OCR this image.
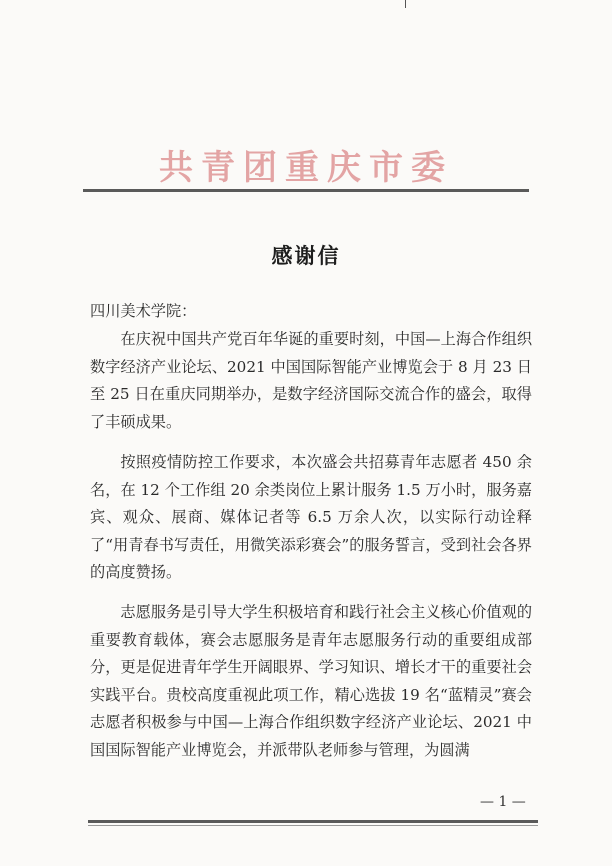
共青团重庆市委
感谢信
四川美术学院：
在庆祝中国共产党百年华诞的重要时刻，中国—上海合作组织数字经济产业论坛、2021 中国国际智能产业博览会于 8 月 23 日至 25 日在重庆同期举办，是数字经济国际交流合作的盛会，取得了丰硕成果。
按照疫情防控工作要求，本次盛会共招募青年志愿者 450 余名，在 12 个工作组 20 余类岗位上累计服务 1.5 万小时，服务嘉宾、观众、展商、媒体记者等 6.5 万余人次，以实际行动诠释了“用青春书写责任，用微笑添彩赛会”的服务誓言，受到社会各界的高度赞扬。
志愿服务是引导大学生积极培育和践行社会主义核心价值观的重要教育载体，赛会志愿服务是青年志愿服务行动的重要组成部分，更是促进青年学生开阔眼界、学习知识、增长才干的重要社会实践平台。贵校高度重视此项工作，精心选拔 19 名“蓝精灵”赛会志愿者积极参与中国—上海合作组织数字经济产业论坛、2021 中国国际智能产业博览会，并派带队老师参与管理，为圆满
— 1 —
